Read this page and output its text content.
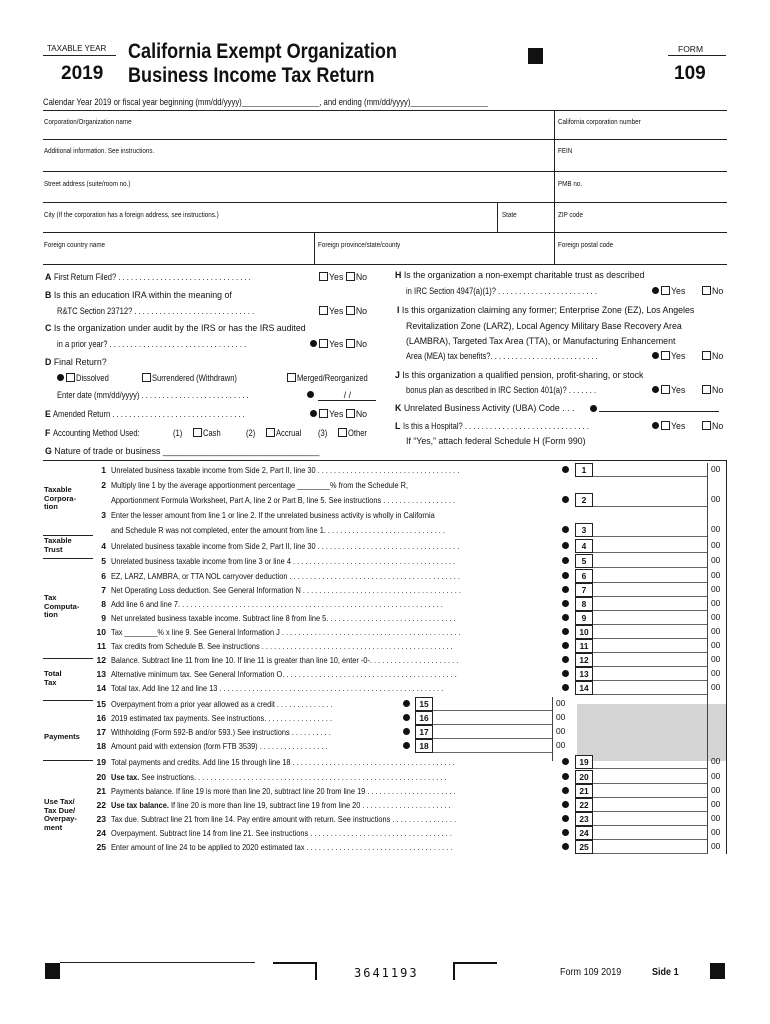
TAXABLE YEAR
2019
California Exempt Organization
Business Income Tax Return
FORM
109
Calendar Year 2019 or fiscal year beginning (mm/dd/yyyy)__________________, and ending (mm/dd/yyyy)__________________
Corporation/Organization name	California corporation number
Additional information. See instructions.	FEIN
Street address (suite/room no.)	PMB no.
City (If the corporation has a foreign address, see instructions.)	State	ZIP code
Foreign country name	Foreign province/state/county	Foreign postal code
A First Return Filed? . . . . . . . . . . . . . . . . . . . . . . . . . . . . . . . .	Yes No
B Is this an education IRA within the meaning of
R&TC Section 23712? . . . . . . . . . . . . . . . . . . . . . . . . . . . . .	Yes No
C Is the organization under audit by the IRS or has the IRS audited
in a prior year? . . . . . . . . . . . . . . . . . . . . . . . . . . . . . . . . .	Yes No
D Final Return?
Dissolved	Surrendered (Withdrawn)	Merged/Reorganized
Enter date (mm/dd/yyyy) . . . . . . . . . . . . . . . . . . . . . . . . . .	/ /
E Amended Return . . . . . . . . . . . . . . . . . . . . . . . . . . . . . . . .	Yes No
F Accounting Method Used:	(1) Cash	(2) Accrual (3) Other
G Nature of trade or business ________________________________
H Is the organization a non-exempt charitable trust as described
in IRC Section 4947(a)(1)? . . . . . . . . . . . . . . . . . . . . . . . .	Yes	No
I Is this organization claiming any former; Enterprise Zone (EZ), Los Angeles
Revitalization Zone (LARZ), Local Agency Military Base Recovery Area
(LAMBRA), Targeted Tax Area (TTA), or Manufacturing Enhancement
Area (MEA) tax benefits?. . . . . . . . . . . . . . . . . . . . . . . . . .	Yes	No
J Is this organization a qualified pension, profit-sharing, or stock
bonus plan as described in IRC Section 401(a)? . . . . . . .	Yes	No
K Unrelated Business Activity (UBA) Code . . .
L Is this a Hospital? . . . . . . . . . . . . . . . . . . . . . . . . . . . . . .	Yes	No
If “Yes,” attach federal Schedule H (Form 990)
Taxable
Corpora-
tion
Taxable
Trust
Tax
Computa-
tion
Total
Tax
Payments
Use Tax/
Tax Due/
Overpay-
ment
1 Unrelated business taxable income from Side 2, Part II, line 30 . . . . . . . . . . . . . . . . . . . . . . . . . . . . . . . . . . .	1	00
2 Multiply line 1 by the average apportionment percentage ________% from the Schedule R,
Apportionment Formula Worksheet, Part A, line 2 or Part B, line 5. See instructions . . . . . . . . . . . . . . . . . .	2	00
3 Enter the lesser amount from line 1 or line 2. If the unrelated business activity is wholly in California
and Schedule R was not completed, enter the amount from line 1. . . . . . . . . . . . . . . . . . . . . . . . . . . . . .	3	00
4 Unrelated business taxable income from Side 2, Part II, line 30 . . . . . . . . . . . . . . . . . . . . . . . . . . . . . . . . . . .	4	00
5 Unrelated business taxable income from line 3 or line 4 . . . . . . . . . . . . . . . . . . . . . . . . . . . . . . . . . . . . . . . .	5	00
6 EZ, LARZ, LAMBRA, or TTA NOL carryover deduction . . . . . . . . . . . . . . . . . . . . . . . . . . . . . . . . . . . . . . . . . .	6	00
7 Net Operating Loss deduction. See General Information N . . . . . . . . . . . . . . . . . . . . . . . . . . . . . . . . . . . . . . .	7	00
8 Add line 6 and line 7. . . . . . . . . . . . . . . . . . . . . . . . . . . . . . . . . . . . . . . . . . . . . . . . . . . . . . . . . . . . . . . . .	8	00
9 Net unrelated business taxable income. Subtract line 8 from line 5. . . . . . . . . . . . . . . . . . . . . . . . . . . . . . . .	9	00
10 Tax ________% x line 9. See General Information J . . . . . . . . . . . . . . . . . . . . . . . . . . . . . . . . . . . . . . . . . . . .	10	00
11 Tax credits from Schedule B. See instructions . . . . . . . . . . . . . . . . . . . . . . . . . . . . . . . . . . . . . . . . . . . . . . .	11	00
12 Balance. Subtract line 11 from line 10. If line 11 is greater than line 10, enter -0-. . . . . . . . . . . . . . . . . . . . . .	12	00
13 Alternative minimum tax. See General Information O. . . . . . . . . . . . . . . . . . . . . . . . . . . . . . . . . . . . . . . . . . .	13	00
14 Total tax. Add line 12 and line 13 . . . . . . . . . . . . . . . . . . . . . . . . . . . . . . . . . . . . . . . . . . . . . . . . . . . . . . .	14	00
15 Overpayment from a prior year allowed as a credit . . . . . . . . . . . . . .	15	00
16 2019 estimated tax payments. See instructions. . . . . . . . . . . . . . . . .	16	00
17 Withholding (Form 592-B and/or 593.) See instructions . . . . . . . . . .	17	00
18 Amount paid with extension (form FTB 3539) . . . . . . . . . . . . . . . . .	18	00
19 Total payments and credits. Add line 15 through line 18 . . . . . . . . . . . . . . . . . . . . . . . . . . . . . . . . . . . . . . . .	19	00
20 Use tax. See instructions. . . . . . . . . . . . . . . . . . . . . . . . . . . . . . . . . . . . . . . . . . . . . . . . . . . . . . . . . . . . . .	20	00
21 Payments balance. If line 19 is more than line 20, subtract line 20 from line 19 . . . . . . . . . . . . . . . . . . . . . .	21	00
22 Use tax balance. If line 20 is more than line 19, subtract line 19 from line 20 . . . . . . . . . . . . . . . . . . . . . .	22	00
23 Tax due. Subtract line 21 from line 14. Pay entire amount with return. See instructions . . . . . . . . . . . . . . . .	23	00
24 Overpayment. Subtract line 14 from line 21. See instructions . . . . . . . . . . . . . . . . . . . . . . . . . . . . . . . . . . .	24	00
25 Enter amount of line 24 to be applied to 2020 estimated tax . . . . . . . . . . . . . . . . . . . . . . . . . . . . . . . . . . . .	25	00
3641193	Form 109 2019	Side 1
